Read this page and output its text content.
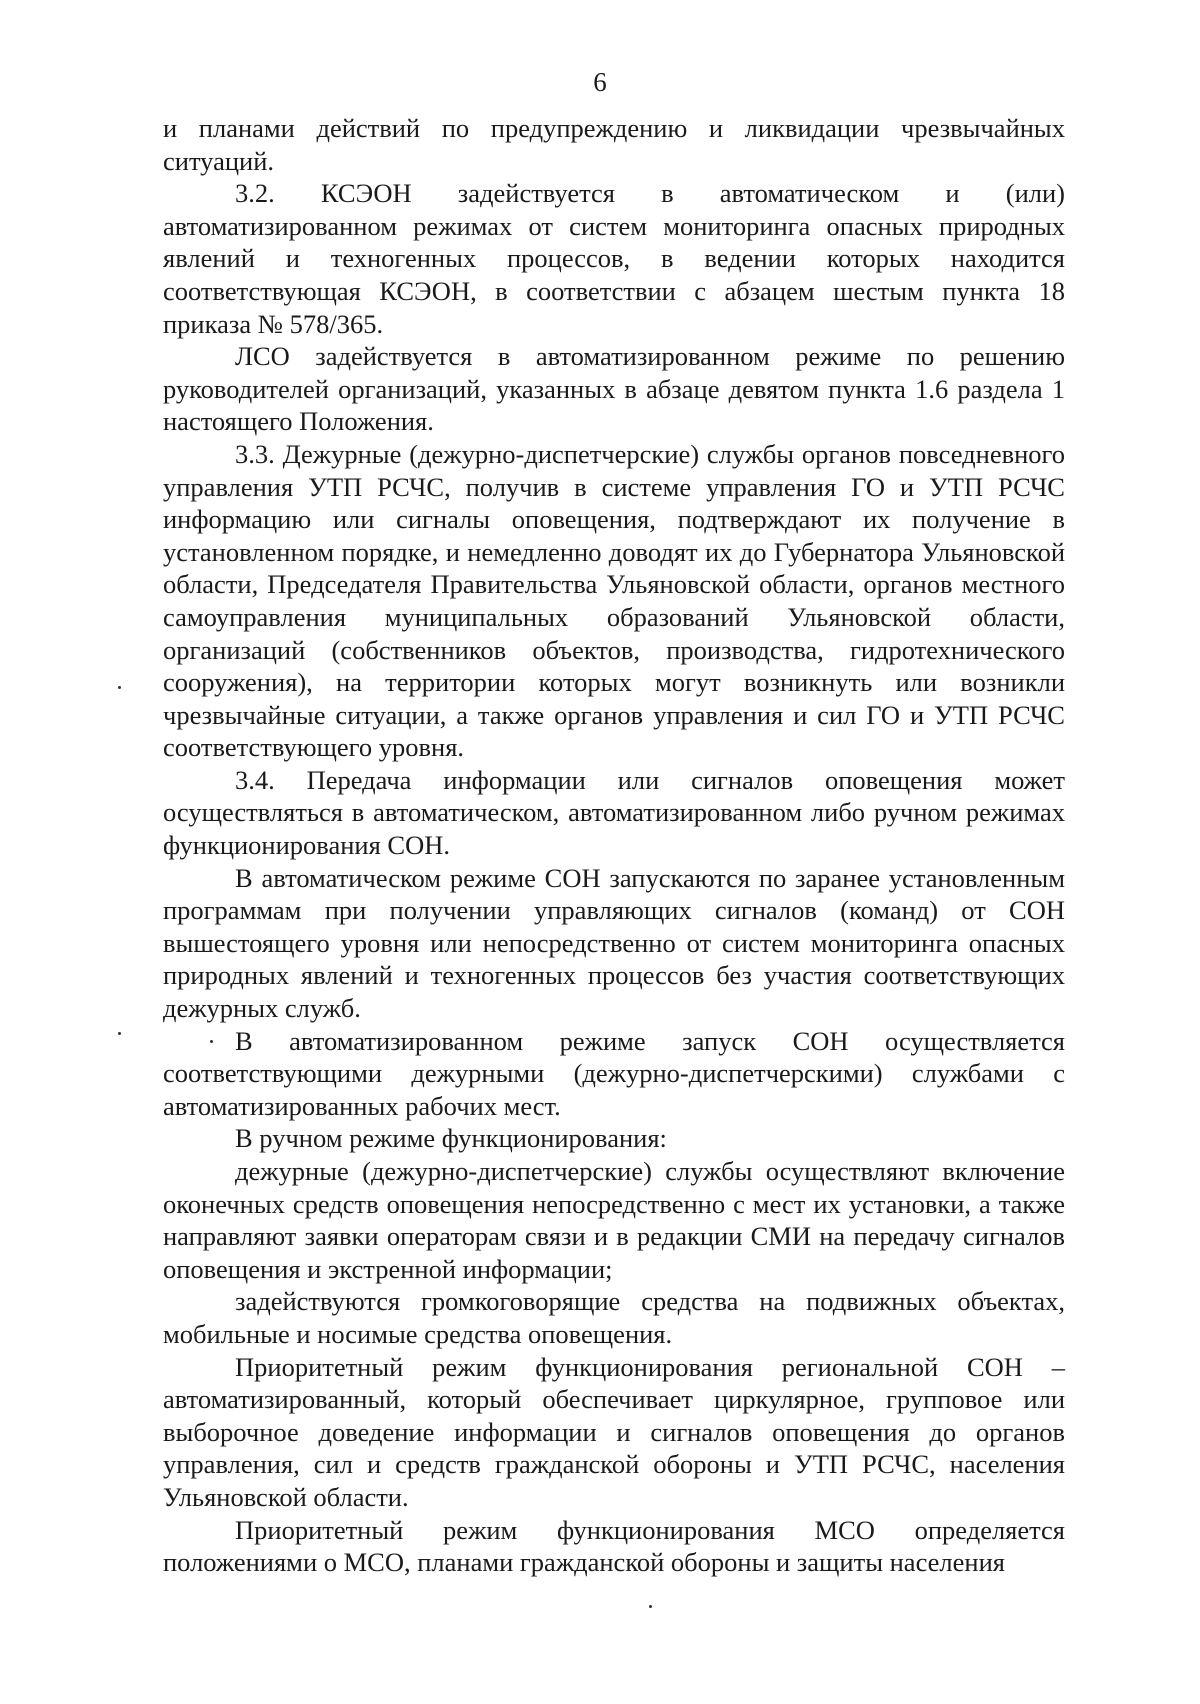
6

и планами действий по предупреждению и ликвидации чрезвычайных ситуаций.

3.2. КСЭОН задействуется в автоматическом и (или) автоматизированном режимах от систем мониторинга опасных природных явлений и техногенных процессов, в ведении которых находится соответствующая КСЭОН, в соответствии с абзацем шестым пункта 18 приказа № 578/365.

ЛСО задействуется в автоматизированном режиме по решению руководителей организаций, указанных в абзаце девятом пункта 1.6 раздела 1 настоящего Положения.

3.3. Дежурные (дежурно-диспетчерские) службы органов повседневного управления УТП РСЧС, получив в системе управления ГО и УТП РСЧС информацию или сигналы оповещения, подтверждают их получение в установленном порядке, и немедленно доводят их до Губернатора Ульяновской области, Председателя Правительства Ульяновской области, органов местного самоуправления муниципальных образований Ульяновской области, организаций (собственников объектов, производства, гидротехнического сооружения), на территории которых могут возникнуть или возникли чрезвычайные ситуации, а также органов управления и сил ГО и УТП РСЧС соответствующего уровня.

3.4. Передача информации или сигналов оповещения может осуществляться в автоматическом, автоматизированном либо ручном режимах функционирования СОН.

В автоматическом режиме СОН запускаются по заранее установленным программам при получении управляющих сигналов (команд) от СОН вышестоящего уровня или непосредственно от систем мониторинга опасных природных явлений и техногенных процессов без участия соответствующих дежурных служб.

В автоматизированном режиме запуск СОН осуществляется соответствующими дежурными (дежурно-диспетчерскими) службами с автоматизированных рабочих мест.

В ручном режиме функционирования:

дежурные (дежурно-диспетчерские) службы осуществляют включение оконечных средств оповещения непосредственно с мест их установки, а также направляют заявки операторам связи и в редакции СМИ на передачу сигналов оповещения и экстренной информации;

задействуются громкоговорящие средства на подвижных объектах, мобильные и носимые средства оповещения.

Приоритетный режим функционирования региональной СОН – автоматизированный, который обеспечивает циркулярное, групповое или выборочное доведение информации и сигналов оповещения до органов управления, сил и средств гражданской обороны и УТП РСЧС, населения Ульяновской области.

Приоритетный режим функционирования МСО определяется положениями о МСО, планами гражданской обороны и защиты населения
